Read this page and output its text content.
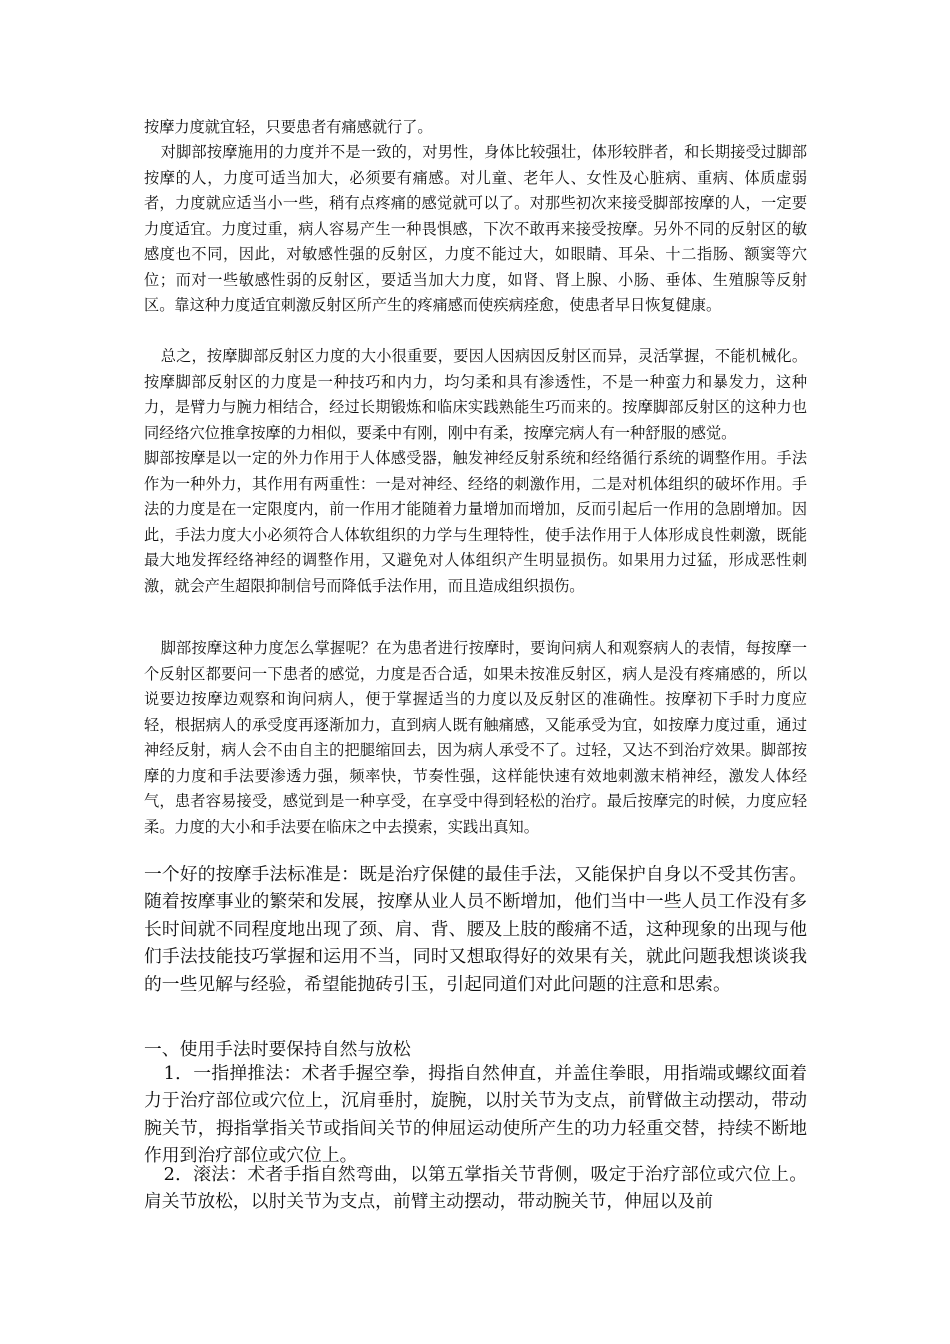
按摩力度就宜轻，只要患者有痛感就行了。

对脚部按摩施用的力度并不是一致的，对男性，身体比较强壮，体形较胖者，和长期接受过脚部按摩的人，力度可适当加大，必须要有痛感。对儿童、老年人、女性及心脏病、重病、体质虚弱者，力度就应适当小一些，稍有点疼痛的感觉就可以了。对那些初次来接受脚部按摩的人，一定要力度适宜。力度过重，病人容易产生一种畏惧感，下次不敢再来接受按摩。另外不同的反射区的敏感度也不同，因此，对敏感性强的反射区，力度不能过大，如眼睛、耳朵、十二指肠、额窦等穴位；而对一些敏感性弱的反射区，要适当加大力度，如肾、肾上腺、小肠、垂体、生殖腺等反射区。靠这种力度适宜刺激反射区所产生的疼痛感而使疾病痊愈，使患者早日恢复健康。

总之，按摩脚部反射区力度的大小很重要，要因人因病因反射区而异，灵活掌握，不能机械化。按摩脚部反射区的力度是一种技巧和内力，均匀柔和具有渗透性，不是一种蛮力和暴发力，这种力，是臂力与腕力相结合，经过长期锻炼和临床实践熟能生巧而来的。按摩脚部反射区的这种力也同经络穴位推拿按摩的力相似，要柔中有刚，刚中有柔，按摩完病人有一种舒服的感觉。

脚部按摩是以一定的外力作用于人体感受器，触发神经反射系统和经络循行系统的调整作用。手法作为一种外力，其作用有两重性：一是对神经、经络的刺激作用，二是对机体组织的破坏作用。手法的力度是在一定限度内，前一作用才能随着力量增加而增加，反而引起后一作用的急剧增加。因此，手法力度大小必须符合人体软组织的力学与生理特性，使手法作用于人体形成良性刺激，既能最大地发挥经络神经的调整作用，又避免对人体组织产生明显损伤。如果用力过猛，形成恶性刺激，就会产生超限抑制信号而降低手法作用，而且造成组织损伤。

脚部按摩这种力度怎么掌握呢？在为患者进行按摩时，要询问病人和观察病人的表情，每按摩一个反射区都要问一下患者的感觉，力度是否合适，如果未按准反射区，病人是没有疼痛感的，所以说要边按摩边观察和询问病人，便于掌握适当的力度以及反射区的准确性。按摩初下手时力度应轻，根据病人的承受度再逐渐加力，直到病人既有触痛感，又能承受为宜，如按摩力度过重，通过神经反射，病人会不由自主的把腿缩回去，因为病人承受不了。过轻，又达不到治疗效果。脚部按摩的力度和手法要渗透力强，频率快，节奏性强，这样能快速有效地刺激末梢神经，激发人体经气，患者容易接受，感觉到是一种享受，在享受中得到轻松的治疗。最后按摩完的时候，力度应轻柔。力度的大小和手法要在临床之中去摸索，实践出真知。

一个好的按摩手法标准是：既是治疗保健的最佳手法，又能保护自身以不受其伤害。随着按摩事业的繁荣和发展，按摩从业人员不断增加，他们当中一些人员工作没有多长时间就不同程度地出现了颈、肩、背、腰及上肢的酸痛不适，这种现象的出现与他们手法技能技巧掌握和运用不当，同时又想取得好的效果有关，就此问题我想谈谈我的一些见解与经验，希望能抛砖引玉，引起同道们对此问题的注意和思索。

一、使用手法时要保持自然与放松

1．一指掸推法：术者手握空拳，拇指自然伸直，并盖住拳眼，用指端或螺纹面着力于治疗部位或穴位上，沉肩垂肘，旋腕，以肘关节为支点，前臂做主动摆动，带动腕关节，拇指掌指关节或指间关节的伸屈运动使所产生的功力轻重交替，持续不断地作用到治疗部位或穴位上。

2．滚法：术者手指自然弯曲，以第五掌指关节背侧，吸定于治疗部位或穴位上。肩关节放松，以肘关节为支点，前臂主动摆动，带动腕关节，伸屈以及前
